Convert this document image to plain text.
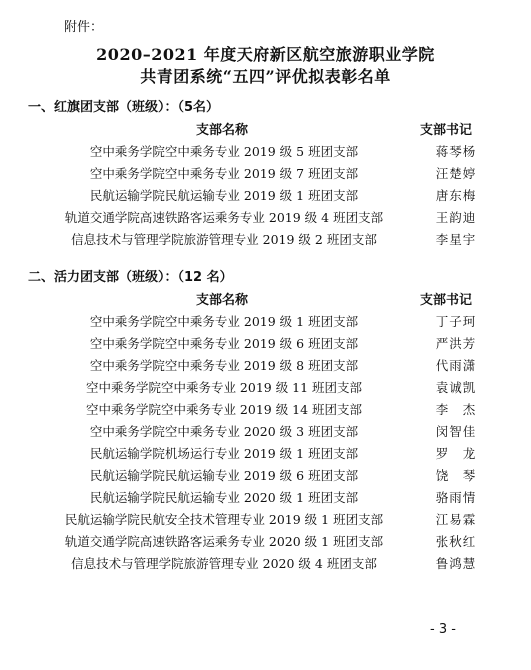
附件：
2020–2021 年度天府新区航空旅游职业学院
共青团系统“五四”评优拟表彰名单
一、红旗团支部（班级）：（5名）
支部名称	支部书记
空中乘务学院空中乘务专业 2019 级 5 班团支部	蒋琴杨
空中乘务学院空中乘务专业 2019 级 7 班团支部	汪楚婷
民航运输学院民航运输专业 2019 级 1 班团支部	唐东梅
轨道交通学院高速铁路客运乘务专业 2019 级 4 班团支部	王韵迪
信息技术与管理学院旅游管理专业 2019 级 2 班团支部	李星宇
二、活力团支部（班级）：（12 名）
支部名称	支部书记
空中乘务学院空中乘务专业 2019 级 1 班团支部	丁子珂
空中乘务学院空中乘务专业 2019 级 6 班团支部	严洪芳
空中乘务学院空中乘务专业 2019 级 8 班团支部	代雨潇
空中乘务学院空中乘务专业 2019 级 11 班团支部	袁诚凯
空中乘务学院空中乘务专业 2019 级 14 班团支部	李　杰
空中乘务学院空中乘务专业 2020 级 3 班团支部	闵智佳
民航运输学院机场运行专业 2019 级 1 班团支部	罗　龙
民航运输学院民航运输专业 2019 级 6 班团支部	饶　琴
民航运输学院民航运输专业 2020 级 1 班团支部	骆雨情
民航运输学院民航安全技术管理专业 2019 级 1 班团支部	江易霖
轨道交通学院高速铁路客运乘务专业 2020 级 1 班团支部	张秋红
信息技术与管理学院旅游管理专业 2020 级 4 班团支部	鲁鸿慧
- 3 -
